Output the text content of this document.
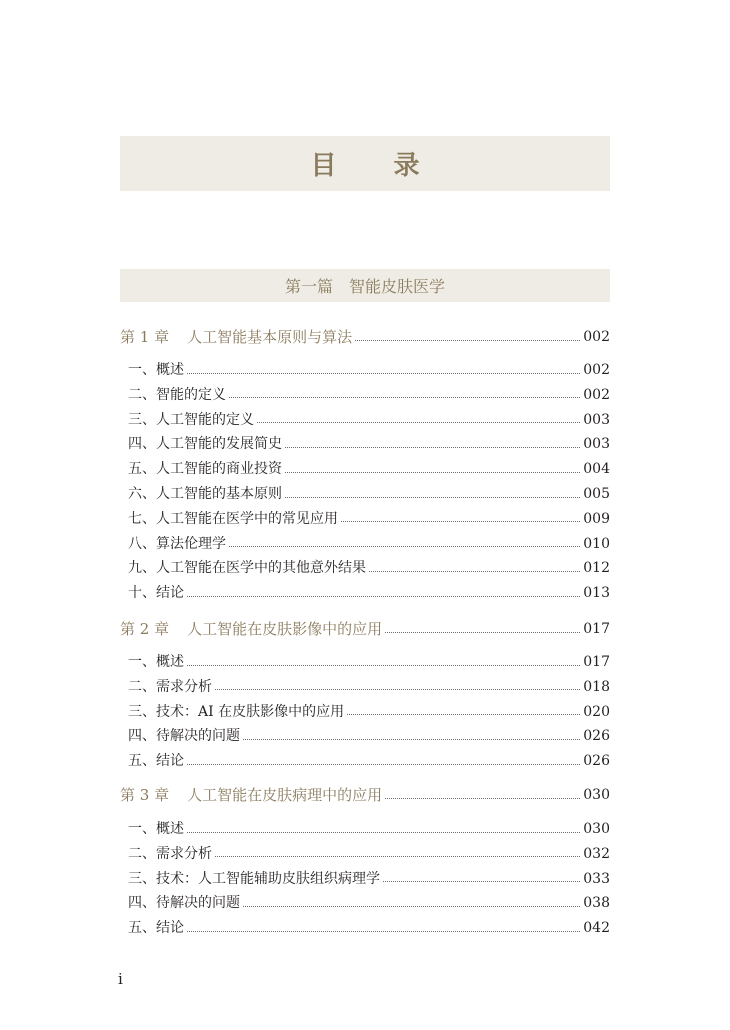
目 录
第一篇　智能皮肤医学
第 1 章 人工智能基本原则与算法	002
一、概述	002
二、智能的定义	002
三、人工智能的定义	003
四、人工智能的发展简史	003
五、人工智能的商业投资	004
六、人工智能的基本原则	005
七、人工智能在医学中的常见应用	009
八、算法伦理学	010
九、人工智能在医学中的其他意外结果	012
十、结论	013
第 2 章 人工智能在皮肤影像中的应用	017
一、概述	017
二、需求分析	018
三、技术：AI 在皮肤影像中的应用	020
四、待解决的问题	026
五、结论	026
第 3 章 人工智能在皮肤病理中的应用	030
一、概述	030
二、需求分析	032
三、技术：人工智能辅助皮肤组织病理学	033
四、待解决的问题	038
五、结论	042
i
